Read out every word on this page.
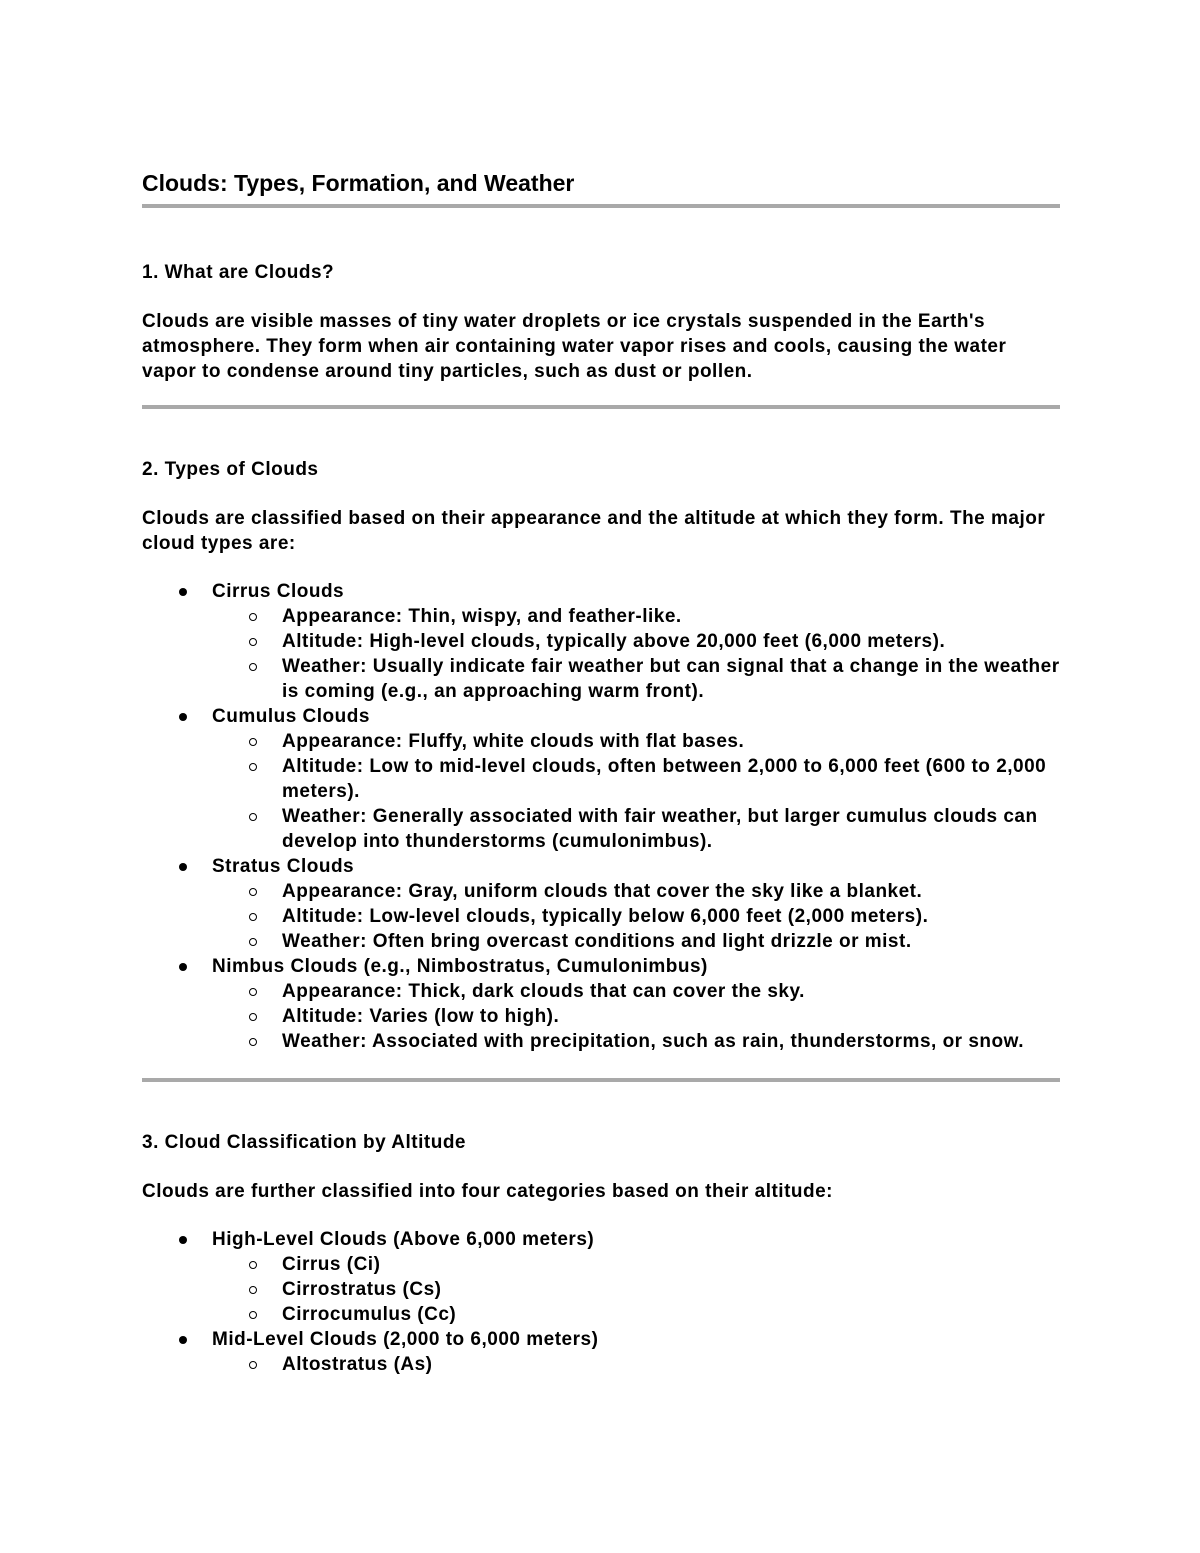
Clouds: Types, Formation, and Weather
1. What are Clouds?

Clouds are visible masses of tiny water droplets or ice crystals suspended in the Earth's atmosphere. They form when air containing water vapor rises and cools, causing the water vapor to condense around tiny particles, such as dust or pollen.

2. Types of Clouds

Clouds are classified based on their appearance and the altitude at which they form. The major cloud types are:

Cirrus Clouds
Appearance: Thin, wispy, and feather-like.
Altitude: High-level clouds, typically above 20,000 feet (6,000 meters).
Weather: Usually indicate fair weather but can signal that a change in the weather is coming (e.g., an approaching warm front).
Cumulus Clouds
Appearance: Fluffy, white clouds with flat bases.
Altitude: Low to mid-level clouds, often between 2,000 to 6,000 feet (600 to 2,000 meters).
Weather: Generally associated with fair weather, but larger cumulus clouds can develop into thunderstorms (cumulonimbus).
Stratus Clouds
Appearance: Gray, uniform clouds that cover the sky like a blanket.
Altitude: Low-level clouds, typically below 6,000 feet (2,000 meters).
Weather: Often bring overcast conditions and light drizzle or mist.
Nimbus Clouds (e.g., Nimbostratus, Cumulonimbus)
Appearance: Thick, dark clouds that can cover the sky.
Altitude: Varies (low to high).
Weather: Associated with precipitation, such as rain, thunderstorms, or snow.
3. Cloud Classification by Altitude

Clouds are further classified into four categories based on their altitude:

High-Level Clouds (Above 6,000 meters)
Cirrus (Ci)
Cirrostratus (Cs)
Cirrocumulus (Cc)
Mid-Level Clouds (2,000 to 6,000 meters)
Altostratus (As)
